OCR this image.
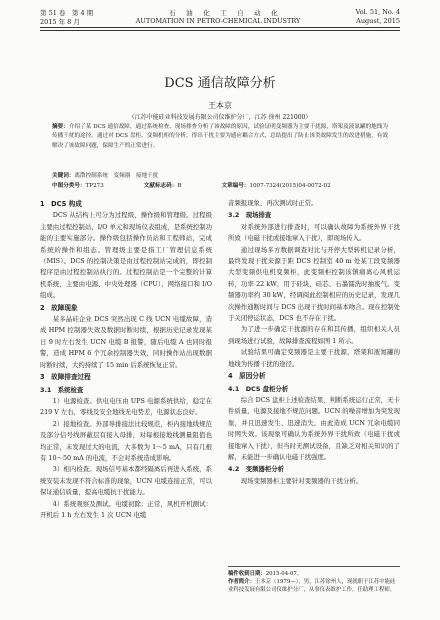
第 51 卷　第 4 期	石　油　化　工　自　动　化	Vol. 51, No. 4
2015 年 8 月	AUTOMATION IN PETRO-CHEMICAL INDUSTRY	August, 2015
DCS 通信故障分析
王本京
（江苏中能硅业科技发展有限公司仪维护分厂，江苏 徐州 221000）
摘要：介绍了某 DCS 通信故障，通过系统检查、现场排查分析了该故障的原因，试验证明变频器为主要干扰源，塔架及液氮罐的地线为传播干扰的途径。通过对 DCS 盘柜、变频机柜的分析，得出干扰主要为感应耦合方式，总结提出了防止该类故障发生的改进措施，有效解决了该故障问题，保障生产的正常进行。
关键词：离散控制系统　变频器　接地干扰
中图分类号：TP273	文献标志码：B	文章编号：1007-7324(2015)04-0072-02
1　DCS 构成

DCS 从结构上可分为过程级、操作级和管理级。过程级主要由过程控制站、I/O 单元和现场仪表组成，是系统控制功能的主要实施部分。操作级包括操作员站和工程师站，完成系统的操作和组态。管理级主要是指工厂管理信息系统（MIS）。DCS 的控制决策是由过程控制站完成的，即控制程序是由过程控制站执行的。过程控制站是一个完整的计算机系统，主要由电源、中央处理器（CPU）、网络接口和 I/O 组成。

2　故障现象

某多晶硅企业 DCS 突然出现 C 线 UCN 电缆故障，造成 HPM 控制器失效及数据时断时续，根据历史记录发现某日 9 时左右发生 UCN 电缆 B 报警，随后电缆 A 也同时报警，造成 HPM 6 个冗余控制器失效，同时操作站出现数据时断时续，大约持续了 15 min 后系统恢复正常。

3　故障排查过程
3.1　系统检查

1）电源检查。供电电压由 UPS 电源系统供给，稳定在 219 V 左右，零线及安全地线无电势差，电源状态良好。

2）接地检查。外部导排接法比较规范，柜内接地线规范及部分信号线屏蔽层有接入母排，对每根接地线测量阻值也均正常，未发现过大的电流，大多数为 1～5 mA，只有几根有 10～50 mA 的电流，不会对系统造成影响。

3）相内检查。现场信号基本都经隔离后再进入系统，系统安装未发现不符合标准的现象，UCN 电缆连接正常，可以保证通信质量，提高电缆抗干扰能力。

4）系统观察及测试。电缆初除：正常，风机开机测试：开机后 1 h 左右发生 1 次 UCN 电缆

音频报现象，再次测试时正常。

3.2　现场排查

对系统外部进行排查时，可以确认故障为系统外界干扰所致（电磁干扰或接地窜入干扰），即现场传入。

通过现场多方数据调查对比与开停大型转机记录分析，最终发现干扰来源于距 DCS 控制室 40 m 处某工段变频器大型变频供电机变频柜，此变频柜控制该镇痛离心风机运转，功率 22 kW，用于硅块、硅芯、石墨镭洗时抽废气。变频器功率约 30 kW，经调阅此控制相应的历史记录，发现几次操作通断时间与 DCS 出现干扰时间基本吻合。现在控制处于关闭停运状态，DCS 也不存在干扰。

为了进一步确定干扰源的存在和其传播，组织相关人员到现场进行试验，故障排查流程如图 1 所示。

试验结果可确定变频器是主要干扰源，塔架和液氮罐的地线为传播干扰的途径。

4　原因分析
4.1　DCS 盘柜分析

综合 DCS 盘柜上述检查结果，判断系统运行正常，无卡件质量、电源及接地不规范问题。UCN 的噪音增加为突发现象，并且迅速发生、迅速消失，由此造成 UCN 冗余电缆同时网失效。该现象可确认为系统外界干扰所致（电磁干扰或接地窜入干扰），但当时无测试设备，且缺乏对相关知识的了解，未能进一步确认电磁干扰强度。

4.2　变频器柜分析

现场变频器柜主要针对变频器的干扰分析。

稿件收到日期：2015-04-07。
作者简介：王本京（1979—），男，江苏徐州人，现就职于江苏中能硅业科技发展有限公司仪维护分厂，从事仪表维护工作，任助理工程师。
